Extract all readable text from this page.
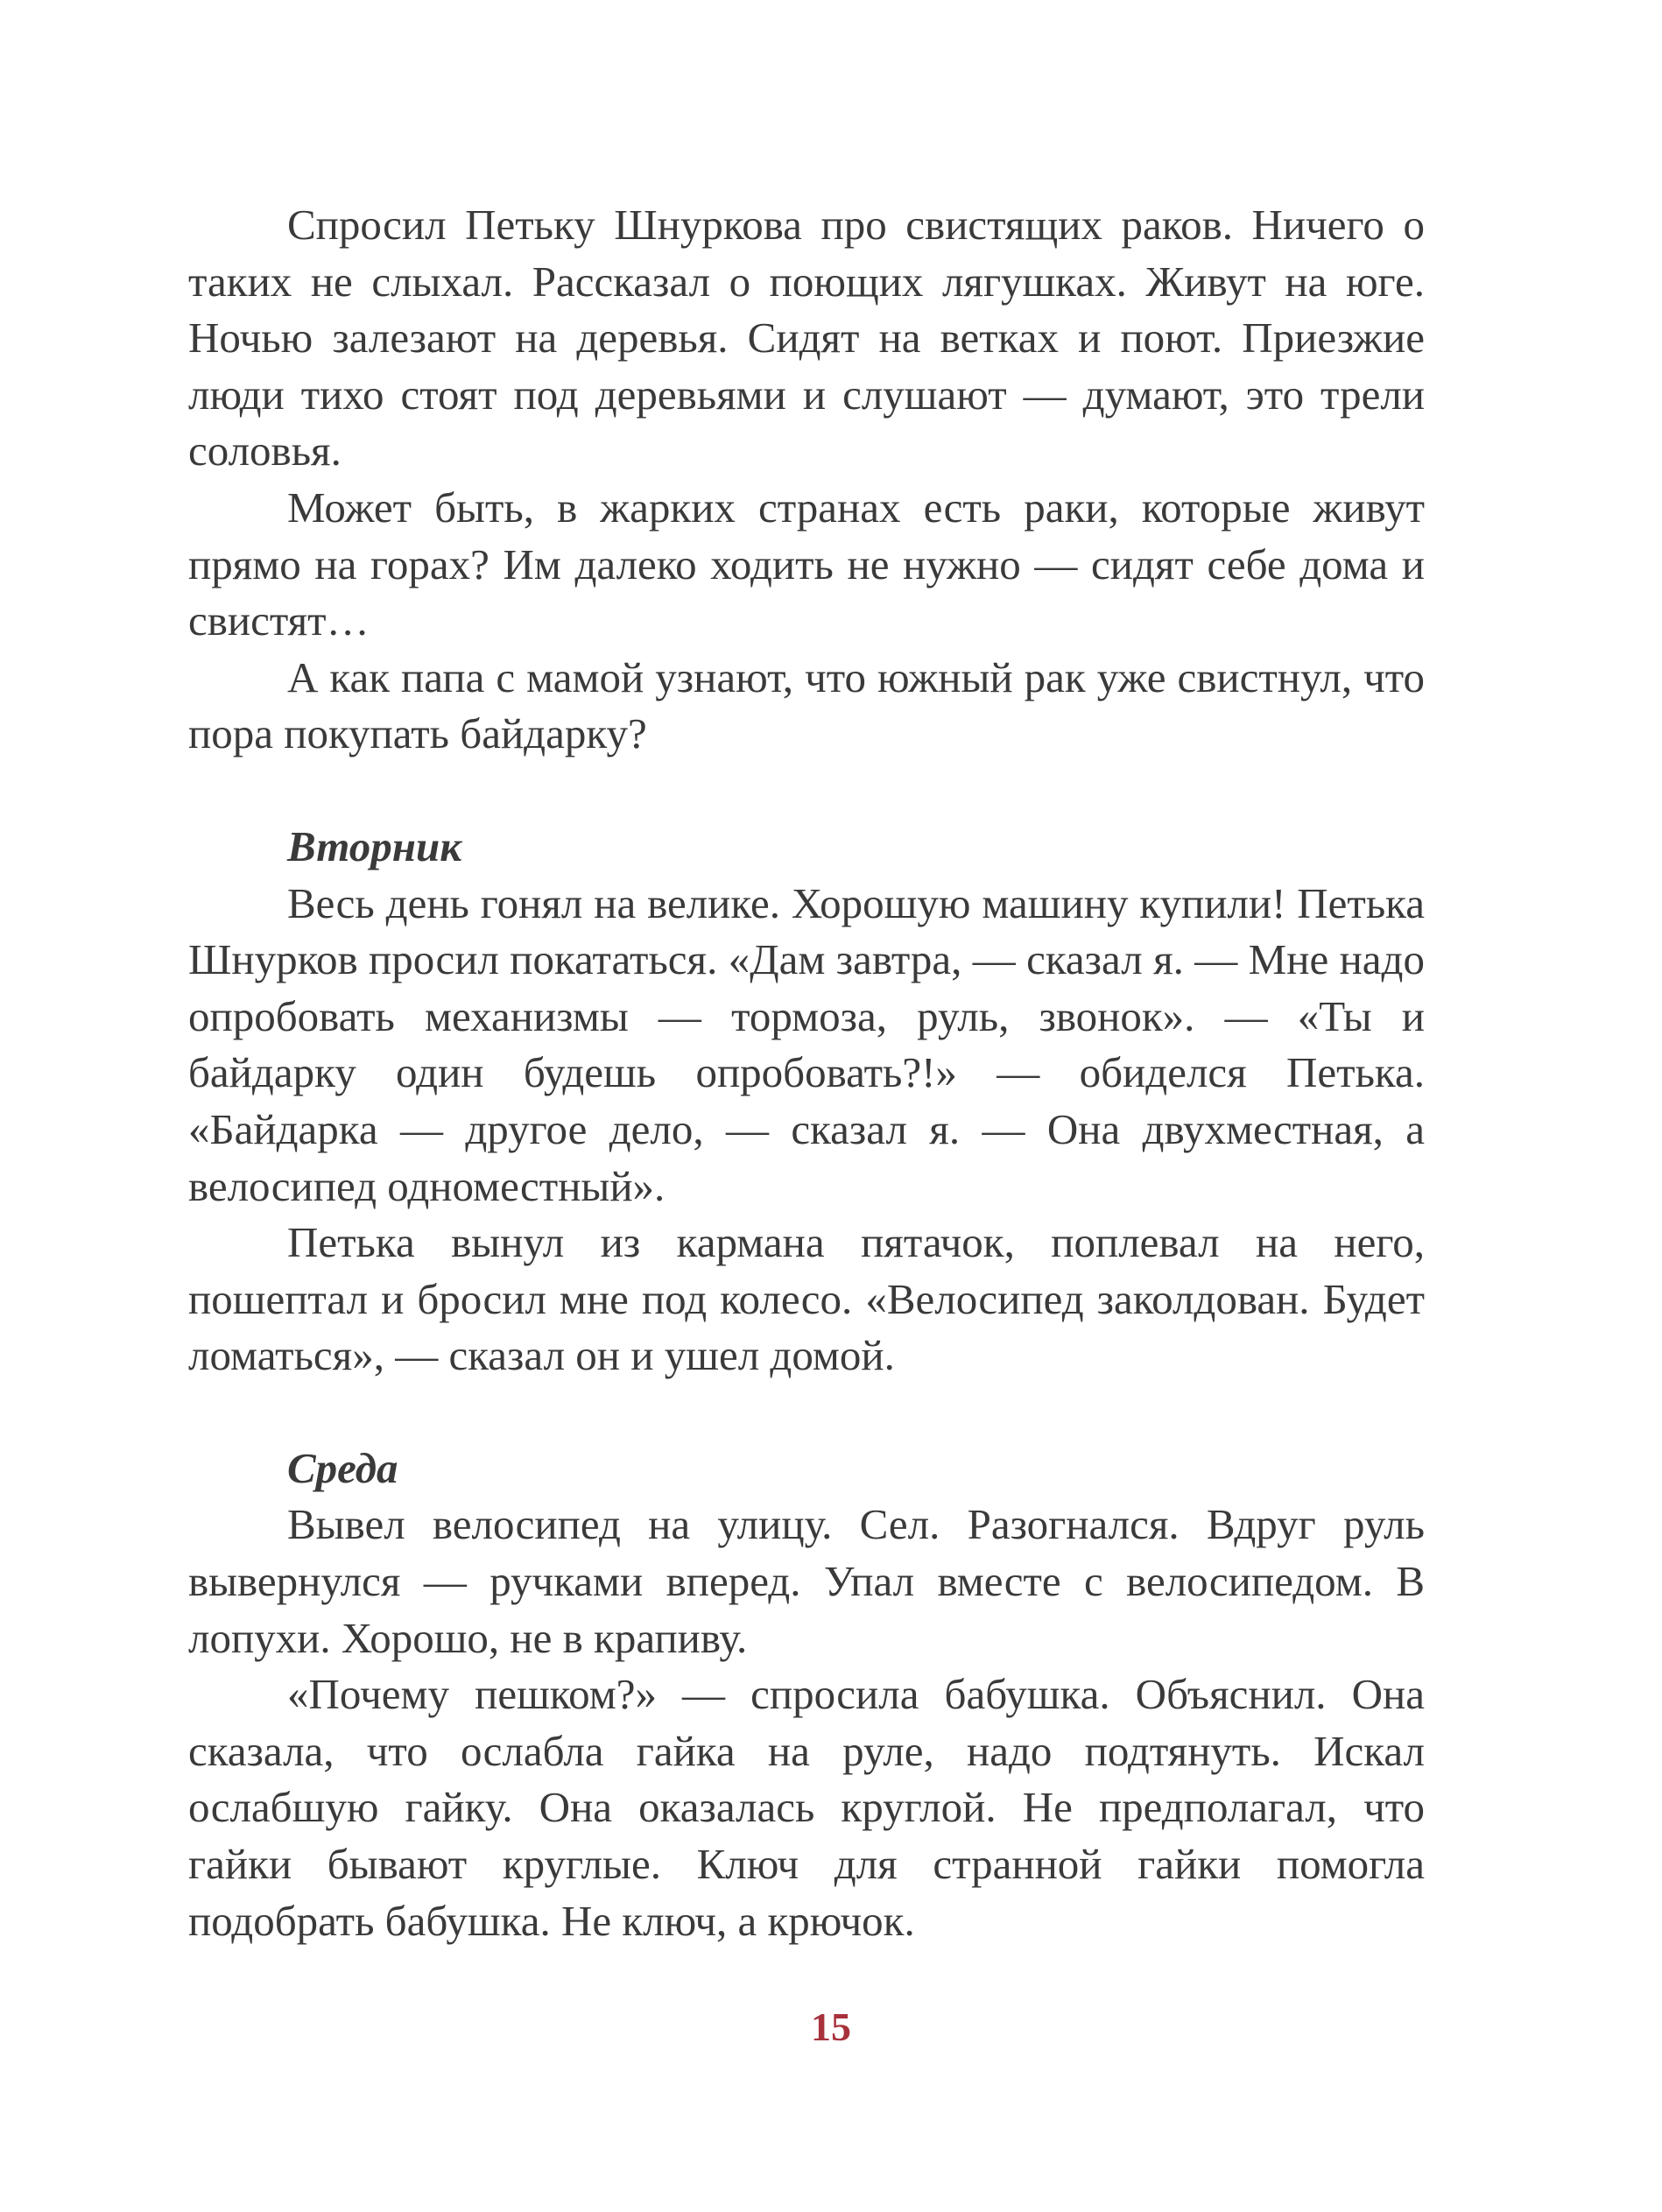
Спросил Петьку Шнуркова про свистящих раков. Ничего о таких не слыхал. Рассказал о поющих лягушках. Живут на юге. Ночью залезают на деревья. Сидят на ветках и поют. Приезжие люди тихо стоят под деревьями и слушают — думают, это трели соловья.

Может быть, в жарких странах есть раки, которые живут прямо на горах? Им далеко ходить не нужно — сидят себе дома и свистят…

А как папа с мамой узнают, что южный рак уже свистнул, что пора покупать байдарку?

Вторник

Весь день гонял на велике. Хорошую машину купили! Петька Шнурков просил покататься. «Дам завтра, — сказал я. — Мне надо опробовать механизмы — тормоза, руль, звонок». — «Ты и байдарку один будешь опробовать?!» — обиделся Петька. «Байдарка — другое дело, — сказал я. — Она двухместная, а велосипед одноместный».

Петька вынул из кармана пятачок, поплевал на него, пошептал и бросил мне под колесо. «Велосипед заколдован. Будет ломаться», — сказал он и ушел домой.

Среда

Вывел велосипед на улицу. Сел. Разогнался. Вдруг руль вывернулся — ручками вперед. Упал вместе с велосипедом. В лопухи. Хорошо, не в крапиву.

«Почему пешком?» — спросила бабушка. Объяснил. Она сказала, что ослабла гайка на руле, надо подтянуть. Искал ослабшую гайку. Она оказалась круглой. Не предполагал, что гайки бывают круглые. Ключ для странной гайки помогла подобрать бабушка. Не ключ, а крючок.

15
